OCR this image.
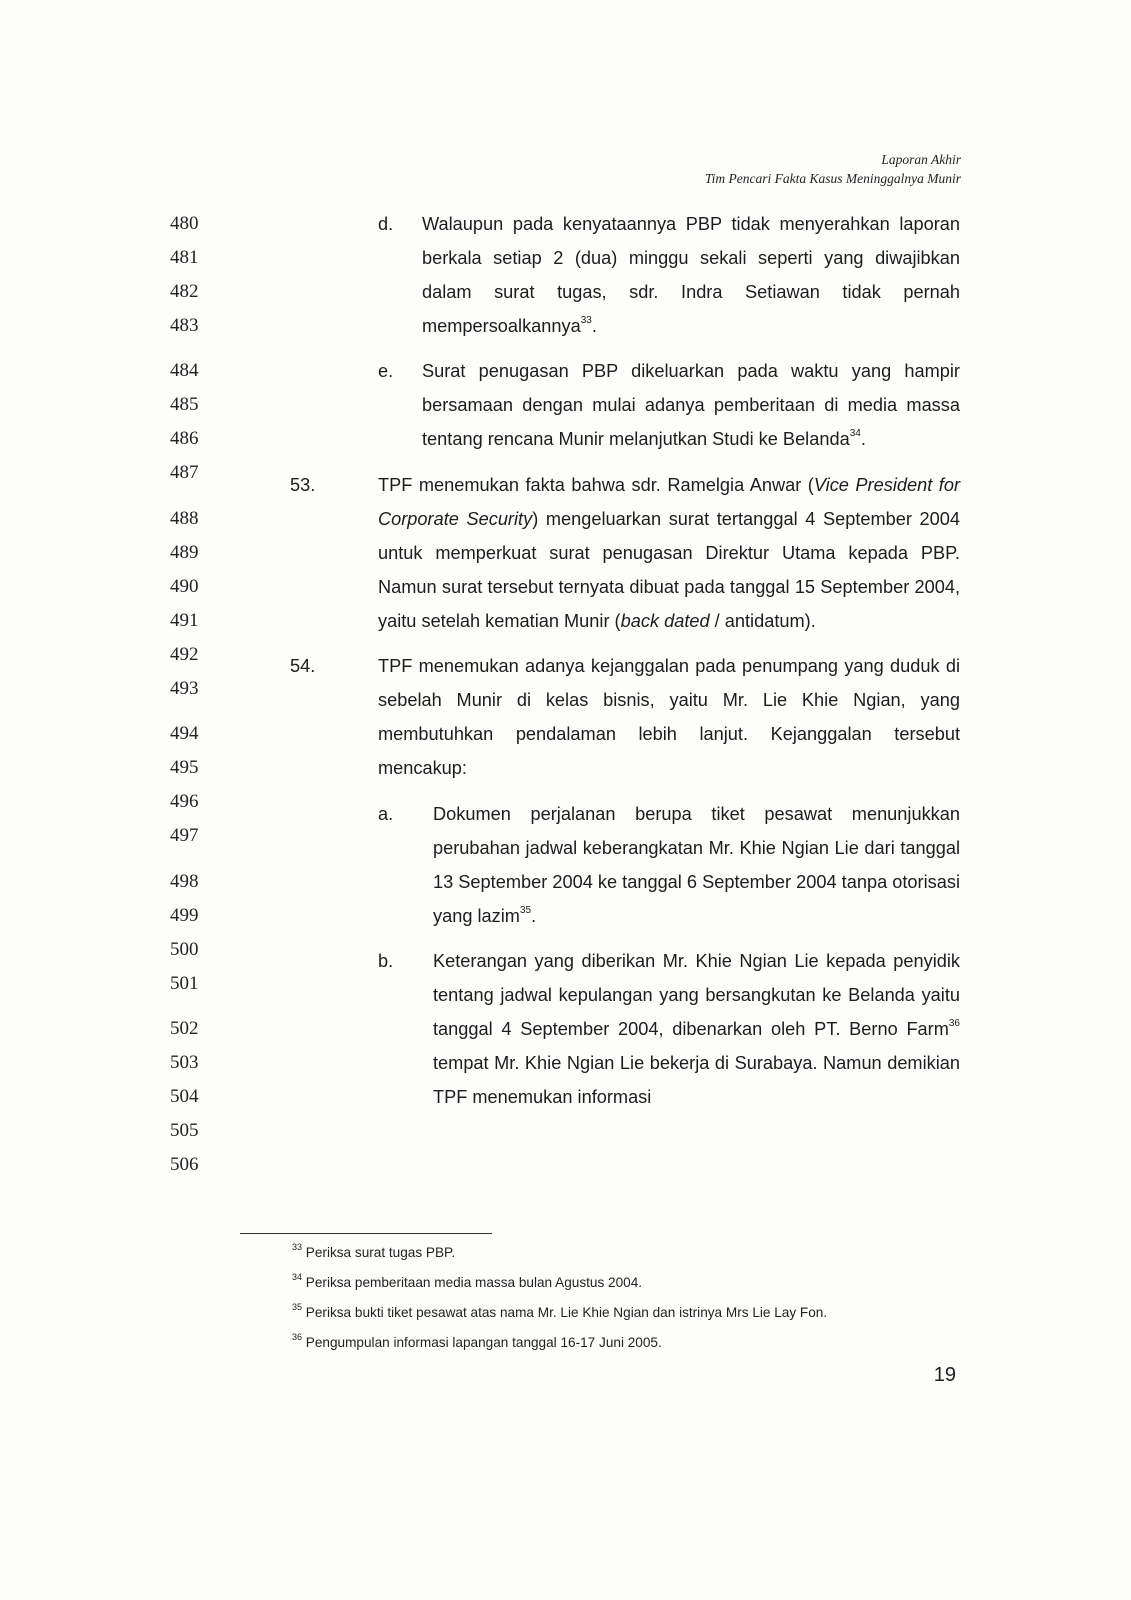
Laporan Akhir
Tim Pencari Fakta Kasus Meninggalnya Munir
480
481
482
483
484
485
486
487
488
489
490
491
492
493
494
495
496
497
498
499
500
501
502
503
504
505
506
d. Walaupun pada kenyataannya PBP tidak menyerahkan laporan berkala setiap 2 (dua) minggu sekali seperti yang diwajibkan dalam surat tugas, sdr. Indra Setiawan tidak pernah mempersoalkannya$^{33}$.
e. Surat penugasan PBP dikeluarkan pada waktu yang hampir bersamaan dengan mulai adanya pemberitaan di media massa tentang rencana Munir melanjutkan Studi ke Belanda$^{34}$.
53.	TPF menemukan fakta bahwa sdr. Ramelgia Anwar (Vice President for Corporate Security) mengeluarkan surat tertanggal 4 September 2004 untuk memperkuat surat penugasan Direktur Utama kepada PBP. Namun surat tersebut ternyata dibuat pada tanggal 15 September 2004, yaitu setelah kematian Munir (back dated / antidatum).
54.	TPF menemukan adanya kejanggalan pada penumpang yang duduk di sebelah Munir di kelas bisnis, yaitu Mr. Lie Khie Ngian, yang membutuhkan pendalaman lebih lanjut. Kejanggalan tersebut mencakup:
a. Dokumen perjalanan berupa tiket pesawat menunjukkan perubahan jadwal keberangkatan Mr. Khie Ngian Lie dari tanggal 13 September 2004 ke tanggal 6 September 2004 tanpa otorisasi yang lazim$^{35}$.
b. Keterangan yang diberikan Mr. Khie Ngian Lie kepada penyidik tentang jadwal kepulangan yang bersangkutan ke Belanda yaitu tanggal 4 September 2004, dibenarkan oleh PT. Berno Farm$^{36}$ tempat Mr. Khie Ngian Lie bekerja di Surabaya. Namun demikian TPF menemukan informasi
$^{33}$ Periksa surat tugas PBP.
$^{34}$ Periksa pemberitaan media massa bulan Agustus 2004.
$^{35}$ Periksa bukti tiket pesawat atas nama Mr. Lie Khie Ngian dan istrinya Mrs Lie Lay Fon.
$^{36}$ Pengumpulan informasi lapangan tanggal 16-17 Juni 2005.
19
